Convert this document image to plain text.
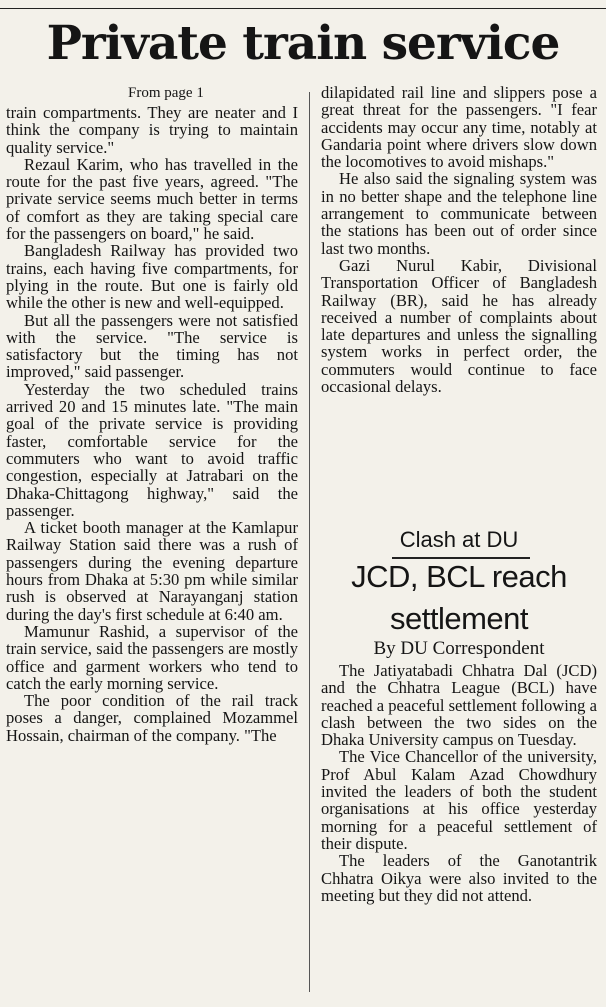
Private train service

From page 1

train compartments. They are neater and I think the company is trying to maintain quality service."

Rezaul Karim, who has travelled in the route for the past five years, agreed. "The private service seems much better in terms of comfort as they are taking special care for the passengers on board," he said.

Bangladesh Railway has provided two trains, each having five compartments, for plying in the route. But one is fairly old while the other is new and well-equipped.

But all the passengers were not satisfied with the service. "The service is satisfactory but the timing has not improved," said passenger.

Yesterday the two scheduled trains arrived 20 and 15 minutes late. "The main goal of the private service is providing faster, comfortable service for the commuters who want to avoid traffic congestion, especially at Jatrabari on the Dhaka-Chittagong highway," said the passenger.

A ticket booth manager at the Kamlapur Railway Station said there was a rush of passengers during the evening departure hours from Dhaka at 5:30 pm while similar rush is observed at Narayanganj station during the day's first schedule at 6:40 am.

Mamunur Rashid, a supervisor of the train service, said the passengers are mostly office and garment workers who tend to catch the early morning service.

The poor condition of the rail track poses a danger, complained Mozammel Hossain, chairman of the company. "The

dilapidated rail line and slippers pose a great threat for the passengers. "I fear accidents may occur any time, notably at Gandaria point where drivers slow down the locomotives to avoid mishaps."

He also said the signaling system was in no better shape and the telephone line arrangement to communicate between the stations has been out of order since last two months.

Gazi Nurul Kabir, Divisional Transportation Officer of Bangladesh Railway (BR), said he has already received a number of complaints about late departures and unless the signalling system works in perfect order, the commuters would continue to face occasional delays.

Clash at DU
JCD, BCL reach settlement
By DU Correspondent

The Jatiyatabadi Chhatra Dal (JCD) and the Chhatra League (BCL) have reached a peaceful settlement following a clash between the two sides on the Dhaka University campus on Tuesday.

The Vice Chancellor of the university, Prof Abul Kalam Azad Chowdhury invited the leaders of both the student organisations at his office yesterday morning for a peaceful settlement of their dispute.

The leaders of the Ganotantrik Chhatra Oikya were also invited to the meeting but they did not attend.
